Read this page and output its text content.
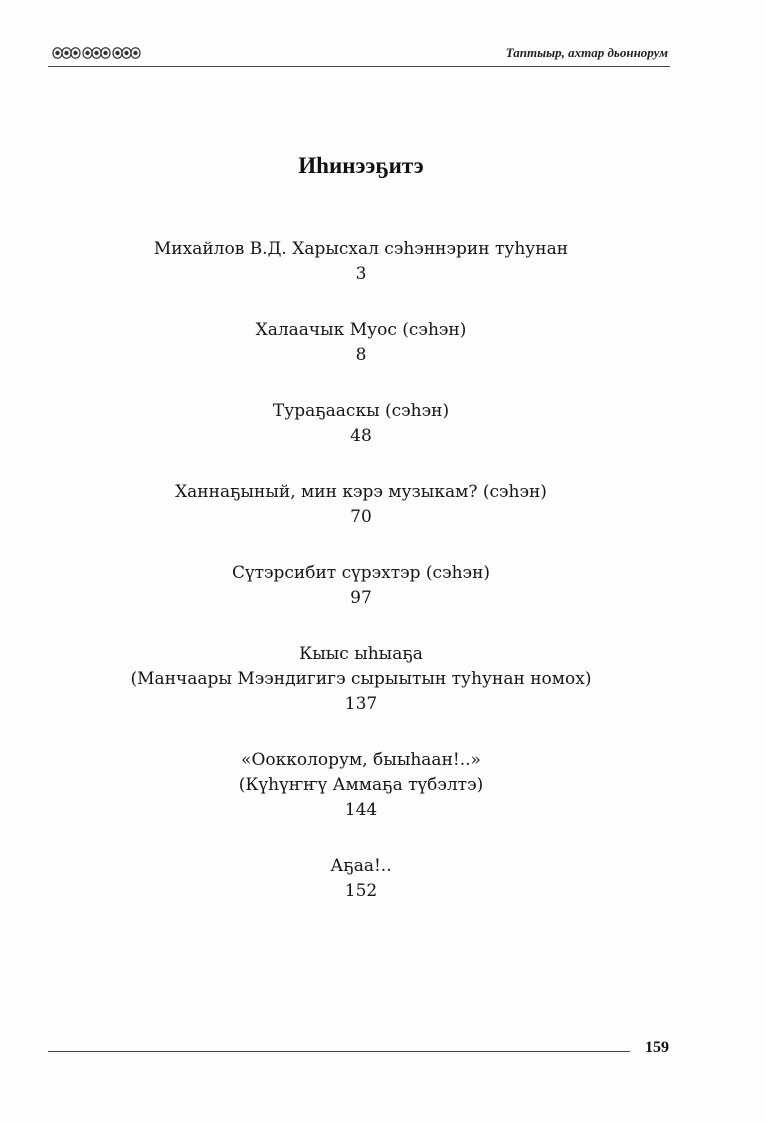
Таптыыр, ахтар дьоннорум
Иһинээҕитэ
Михайлов В.Д. Харысхал сэһэннэрин туһунан
3
Халаачык Муос (сэһэн)
8
Тураҕааскы (сэһэн)
48
Ханнаҕыный, мин кэрэ музыкам? (сэһэн)
70
Сүтэрсибит сүрэхтэр (сэһэн)
97
Кыыс ыһыаҕа
(Манчаары Мээндигигэ сырыытын туһунан номох)
137
«Оокколорум, быыһаан!..»
(Күһүҥҥү Аммаҕа түбэлтэ)
144
Аҕаа!..
152
159
